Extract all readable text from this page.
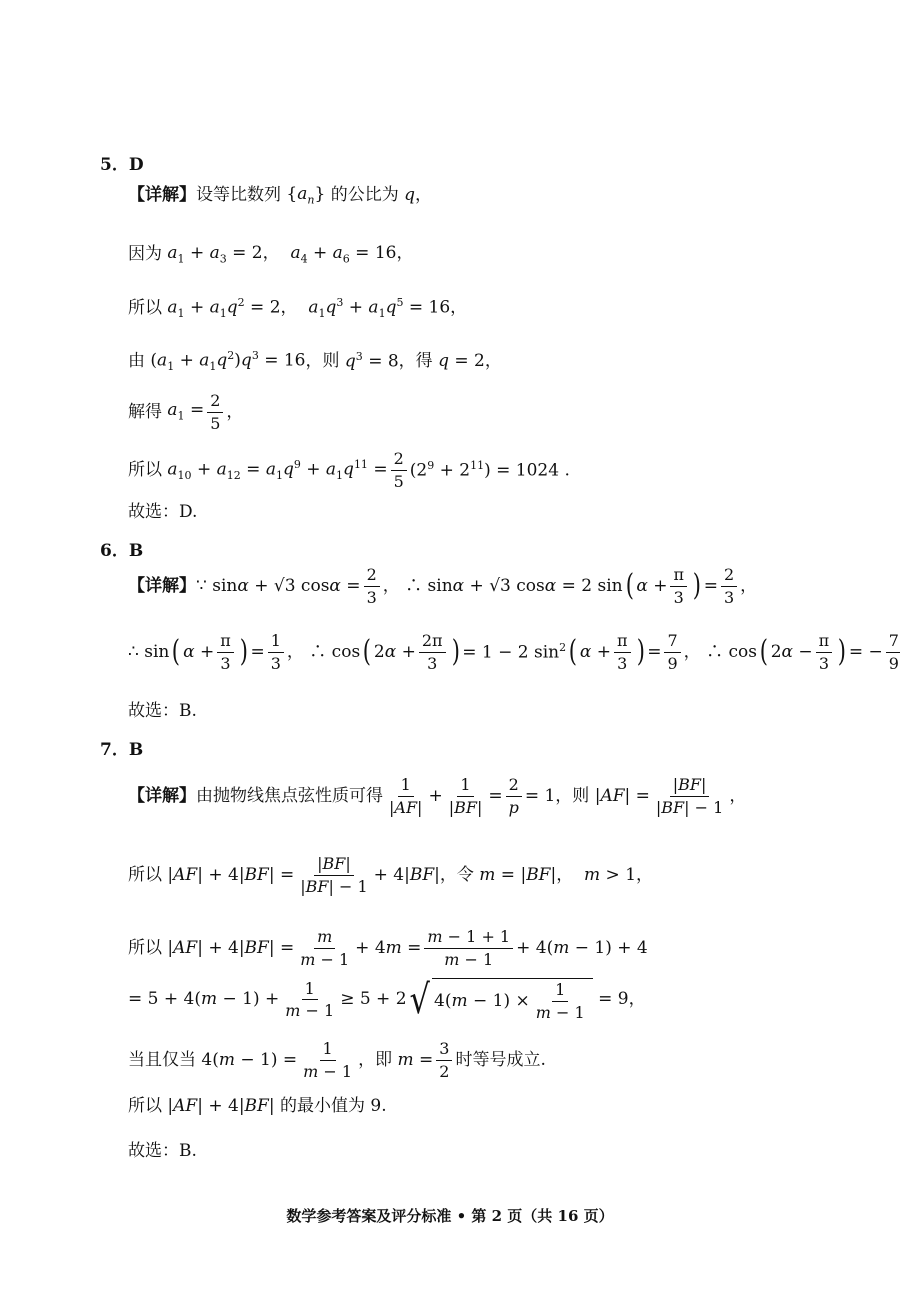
5．D
【详解】 设等比数列 $\{a_n\}$ 的公比为 q ，
因为 $a_1 + a_3 = 2$，  $a_4 + a_6 = 16$，
所以 $a_1 + a_1q^2 = 2$，  $a_1q^3 + a_1q^5 = 16$，
由 $(a_1 + a_1q^2)q^3 = 16$ ，则 $q^3 = 8$ ，得 q = 2，
解得 $a_1 = \frac{2}{5}$ ，
所以 $a_{10} + a_{12} = a_1q^9 + a_1q^{11} = \frac{2}{5} (2^9 + 2^{11}) = 1024$ .
故选：D.
6．B
【详解】 ∵ sinα + √3 $\cos\alpha = \frac{2}{3}$ ， ∴ sinα + √3 cosα = 2 sin ( $\alpha + \frac{\pi}{3}$ ) = $\frac{2}{3}$ ，
∴ sin ( $\alpha + \frac{\pi}{3}$ ) = $\frac{1}{3}$ ， ∴ cos ( $2\alpha + \frac{2\pi}{3}$ ) = 1 − 2 $\sin^2$ ( $\alpha + \frac{\pi}{3}$ ) = $\frac{7}{9}$ ， ∴ cos ( $2\alpha - \frac{\pi}{3}$ ) = − $\frac{7}{9}$
故选：B.
7．B
【详解】 由抛物线焦点弦性质可得 $\frac{1}{|AF|} + \frac{1}{|BF|} = \frac{2}{p} = 1$ ，则 $|AF| = \frac{|BF|}{|BF| - 1}$ ，
所以 $|AF| + 4|BF| = \frac{|BF|}{|BF| - 1} + 4|BF|$ ，令 m = |BF|，  m > 1，
所以 $|AF| + 4|BF| = \frac{m}{m - 1} + 4m = \frac{m - 1 + 1}{m - 1} + 4(m - 1) + 4$
= $5 + 4(m - 1) + \frac{1}{m - 1} \ge 5 + 2$ √ $4(m - 1) \times \frac{1}{m - 1} = 9$，
当且仅当 $4(m - 1) = \frac{1}{m - 1}$ ，即 $m = \frac{3}{2}$ 时等号成立.
所以 |AF| + 4|BF| 的最小值为 9.
故选：B.
数学参考答案及评分标准 • 第 2 页（共 16 页）
